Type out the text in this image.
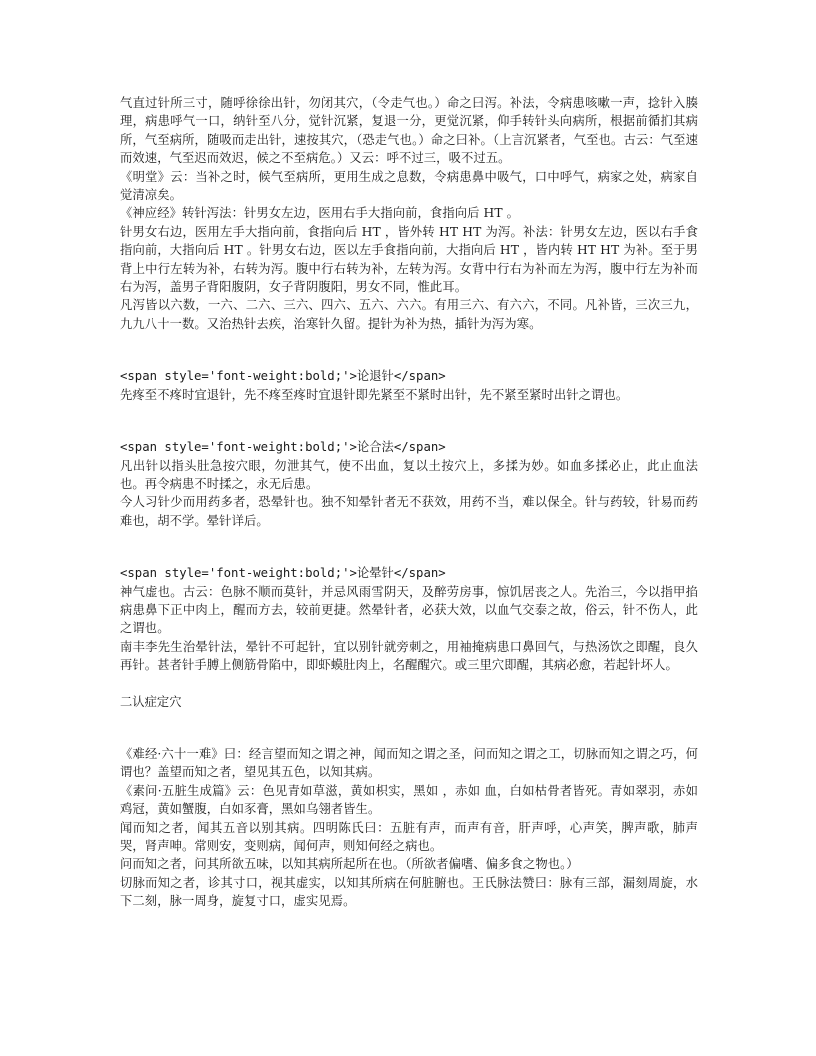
气直过针所三寸，随呼徐徐出针，勿闭其穴，（令走气也。）命之曰泻。补法，令病患咳嗽一声，捻针入腠理，病患呼气一口，纳针至八分，觉针沉紧，复退一分，更觉沉紧，仰手转针头向病所，根据前循扪其病所，气至病所，随吸而走出针，速按其穴，（恐走气也。）命之曰补。（上言沉紧者，气至也。古云：气至速而效速，气至迟而效迟，候之不至病危。）又云：呼不过三，吸不过五。

《明堂》云：当补之时，候气至病所，更用生成之息数，令病患鼻中吸气，口中呼气，病家之处，病家自觉清凉矣。

《神应经》转针泻法：针男女左边，医用右手大指向前，食指向后 HT 。

针男女右边，医用左手大指向前，食指向后 HT ，皆外转 HT HT 为泻。补法：针男女左边，医以右手食指向前，大指向后 HT 。针男女右边，医以左手食指向前，大指向后 HT ，皆内转 HT HT 为补。至于男背上中行左转为补，右转为泻。腹中行右转为补，左转为泻。女背中行右为补而左为泻，腹中行左为补而右为泻，盖男子背阳腹阴，女子背阴腹阳，男女不同，惟此耳。

凡泻皆以六数，一六、二六、三六、四六、五六、六六。有用三六、有六六，不同。凡补皆，三次三九，九九八十一数。又治热针去疾，治寒针久留。提针为补为热，插针为泻为寒。

<span style='font-weight:bold;'>论退针</span>

先疼至不疼时宜退针，先不疼至疼时宜退针即先紧至不紧时出针，先不紧至紧时出针之谓也。

<span style='font-weight:bold;'>论合法</span>

凡出针以指头肚急按穴眼，勿泄其气，使不出血，复以土按穴上，多揉为妙。如血多揉必止，此止血法也。再令病患不时揉之，永无后患。

今人习针少而用药多者，恐晕针也。独不知晕针者无不获效，用药不当，难以保全。针与药较，针易而药难也，胡不学。晕针详后。

<span style='font-weight:bold;'>论晕针</span>

神气虚也。古云：色脉不顺而莫针，并忌风雨雪阴天，及醉劳房事，惊饥居丧之人。先治三，今以指甲掐病患鼻下正中肉上，醒而方去，较前更捷。然晕针者，必获大效，以血气交泰之故，俗云，针不伤人，此之谓也。

南丰李先生治晕针法，晕针不可起针，宜以别针就旁刺之，用袖掩病患口鼻回气，与热汤饮之即醒，良久再针。甚者针手膊上侧筋骨陷中，即虾蟆肚肉上，名醒醒穴。或三里穴即醒，其病必愈，若起针坏人。

二认症定穴

《难经·六十一难》曰：经言望而知之谓之神，闻而知之谓之圣，问而知之谓之工，切脉而知之谓之巧，何谓也？盖望而知之者，望见其五色，以知其病。

《素问·五脏生成篇》云：色见青如草滋，黄如枳实，黑如 ，赤如 血，白如枯骨者皆死。青如翠羽，赤如鸡冠，黄如蟹腹，白如豕膏，黑如乌翎者皆生。

闻而知之者，闻其五音以别其病。四明陈氏曰：五脏有声，而声有音，肝声呼，心声笑，脾声歌，肺声哭，肾声呻。常则安，变则病，闻何声，则知何经之病也。

问而知之者，问其所欲五味，以知其病所起所在也。（所欲者偏嗜、偏多食之物也。）

切脉而知之者，诊其寸口，视其虚实，以知其所病在何脏腑也。王氏脉法赞曰：脉有三部，漏刻周旋，水下二刻，脉一周身，旋复寸口，虚实见焉。
